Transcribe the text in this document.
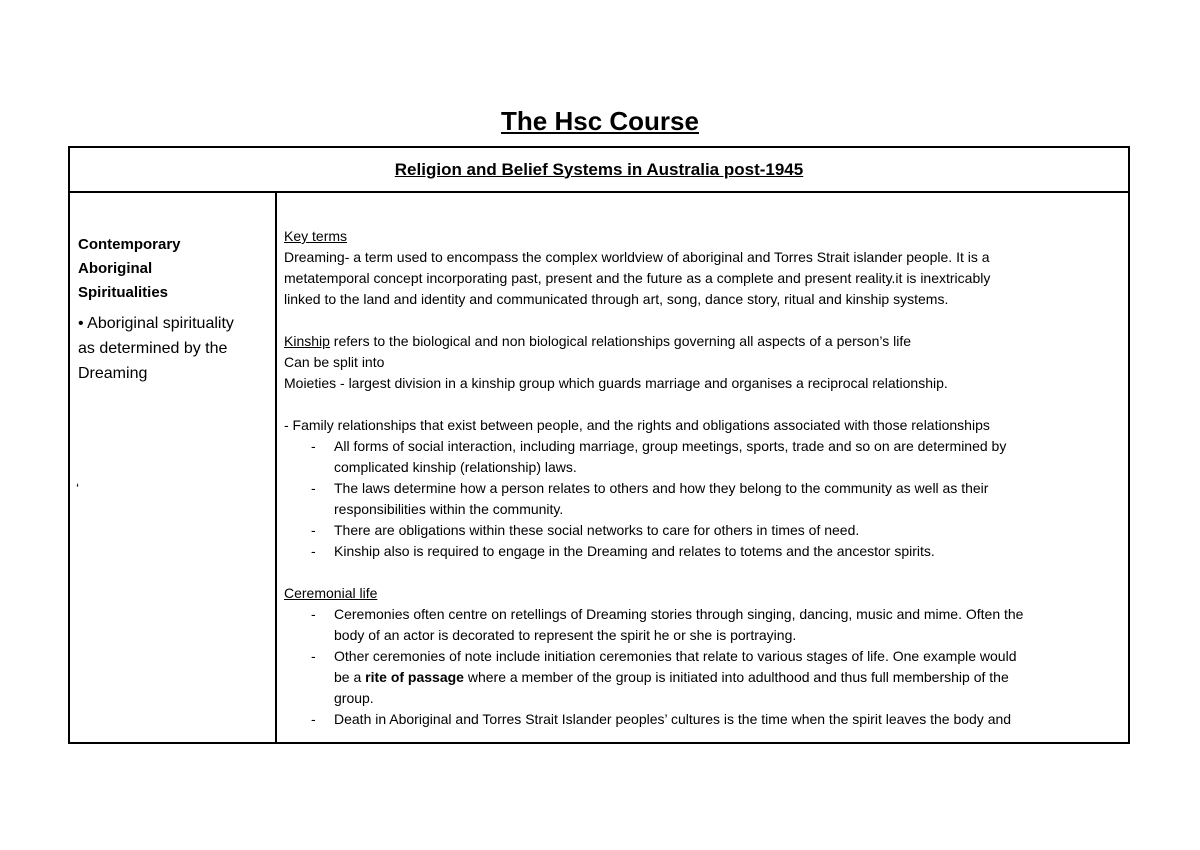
The Hsc Course
Religion and Belief Systems in Australia post-1945
Contemporary
Aboriginal
Spiritualities
• Aboriginal spirituality
as determined by the
Dreaming
‘
Key terms
Dreaming- a term used to encompass the complex worldview of aboriginal and Torres Strait islander people. It is a
metatemporal concept incorporating past, present and the future as a complete and present reality.it is inextricably
linked to the land and identity and communicated through art, song, dance story, ritual and kinship systems.
Kinship refers to the biological and non biological relationships governing all aspects of a person’s life
Can be split into
Moieties - largest division in a kinship group which guards marriage and organises a reciprocal relationship.
- Family relationships that exist between people, and the rights and obligations associated with those relationships
- All forms of social interaction, including marriage, group meetings, sports, trade and so on are determined by
complicated kinship (relationship) laws.
- The laws determine how a person relates to others and how they belong to the community as well as their
responsibilities within the community.
- There are obligations within these social networks to care for others in times of need.
- Kinship also is required to engage in the Dreaming and relates to totems and the ancestor spirits.
Ceremonial life
- Ceremonies often centre on retellings of Dreaming stories through singing, dancing, music and mime. Often the
body of an actor is decorated to represent the spirit he or she is portraying.
- Other ceremonies of note include initiation ceremonies that relate to various stages of life. One example would
be a rite of passage where a member of the group is initiated into adulthood and thus full membership of the
group.
- Death in Aboriginal and Torres Strait Islander peoples’ cultures is the time when the spirit leaves the body and
